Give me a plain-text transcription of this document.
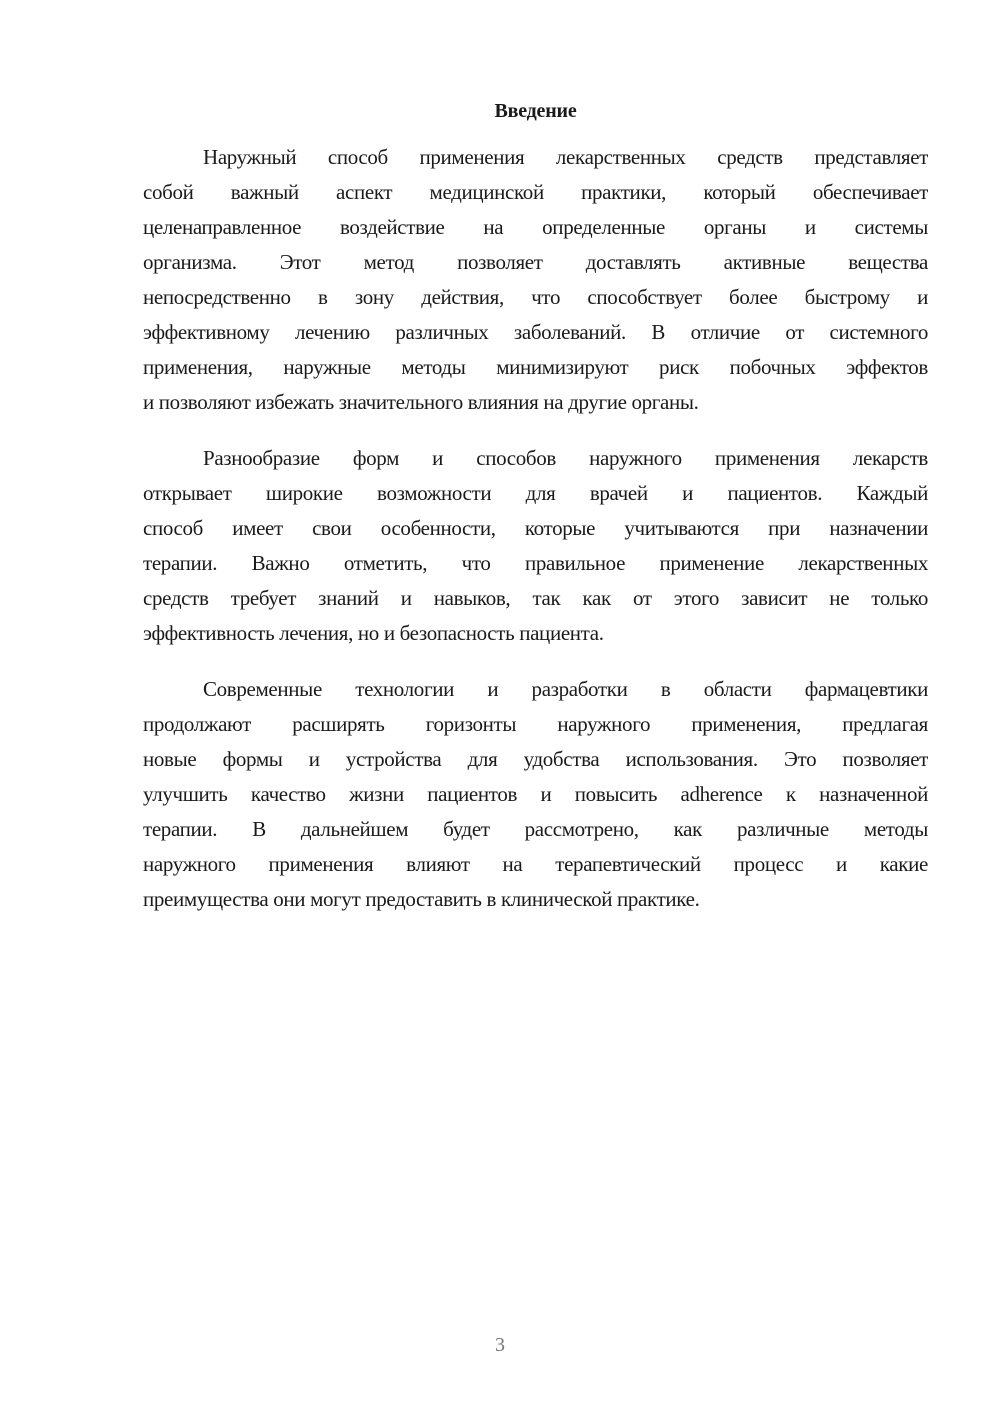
Введение

Наружный способ применения лекарственных средств представляет
собой важный аспект медицинской практики, который обеспечивает
целенаправленное воздействие на определенные органы и системы
организма. Этот метод позволяет доставлять активные вещества
непосредственно в зону действия, что способствует более быстрому и
эффективному лечению различных заболеваний. В отличие от системного
применения, наружные методы минимизируют риск побочных эффектов
и позволяют избежать значительного влияния на другие органы.

Разнообразие форм и способов наружного применения лекарств
открывает широкие возможности для врачей и пациентов. Каждый
способ имеет свои особенности, которые учитываются при назначении
терапии. Важно отметить, что правильное применение лекарственных
средств требует знаний и навыков, так как от этого зависит не только
эффективность лечения, но и безопасность пациента.

Современные технологии и разработки в области фармацевтики
продолжают расширять горизонты наружного применения, предлагая
новые формы и устройства для удобства использования. Это позволяет
улучшить качество жизни пациентов и повысить adherence к назначенной
терапии. В дальнейшем будет рассмотрено, как различные методы
наружного применения влияют на терапевтический процесс и какие
преимущества они могут предоставить в клинической практике.

3
